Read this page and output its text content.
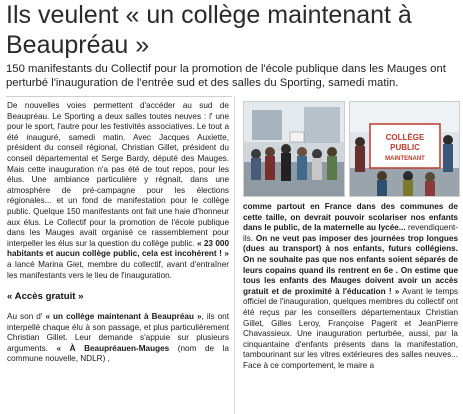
Ils veulent « un collège maintenant à Beaupréau »

150 manifestants du Collectif pour la promotion de l'école publique dans les Mauges ont perturbé l'inauguration de l'entrée sud et des salles du Sporting, samedi matin.

De nouvelles voies permettent d'accéder au sud de Beaupréau. Le Sporting a deux salles toutes neuves : l' une pour le sport, l'autre pour les festivités associatives. Le tout a été inauguré, samedi matin. Avec Jacques Auxiette, président du conseil régional, Christian Gillet, président du conseil départemental et Serge Bardy, député des Mauges. Mais cette inauguration n'a pas été de tout repos, pour les élus. Une ambiance particulière y régnait, dans une atmosphère de pré-campagne pour les élections régionales... et un fond de manifestation pour le collège public. Quelque 150 manifestants ont fait une haie d'honneur aux élus. Le Collectif pour la promotion de l'école publique dans les Mauges avait organisé ce rassemblement pour interpeller les élus sur la question du collège public. « 23 000 habitants et aucun collège public, cela est incohérent ! » a lancé Marina Giet, membre du collectif, avant d'entraîner les manifestants vers le lieu de l'inauguration.

« Accès gratuit »

Au son d' « un collège maintenant à Beaupréau », ils ont interpellé chaque élu à son passage, et plus particulièrement Christian Gillet. Leur demande s'appuie sur plusieurs arguments. « À Beaupréauen-Mauges (nom de la commune nouvelle, NDLR) ,

COLLÈGE
PUBLIC
MAINTENANT

comme partout en France dans des communes de cette taille, on devrait pouvoir scolariser nos enfants dans le public, de la maternelle au lycée... revendiquent-ils. On ne veut pas imposer des journées trop longues (dues au transport) à nos enfants, futurs collégiens. On ne souhaite pas que nos enfants soient séparés de leurs copains quand ils rentrent en 6e . On estime que tous les enfants des Mauges doivent avoir un accès gratuit et de proximité à l'éducation ! » Avant le temps officiel de l'inauguration, quelques membres du collectif ont été reçus par les conseillers départementaux Christian Gillet, Gilles Leroy, Françoise Pagerit et JeanPierre Chavassieux. Une inauguration perturbée, aussi, par la cinquantaine d'enfants présents dans la manifestation, tambourinant sur les vitres extérieures des salles neuves... Face à ce comportement, le maire a
